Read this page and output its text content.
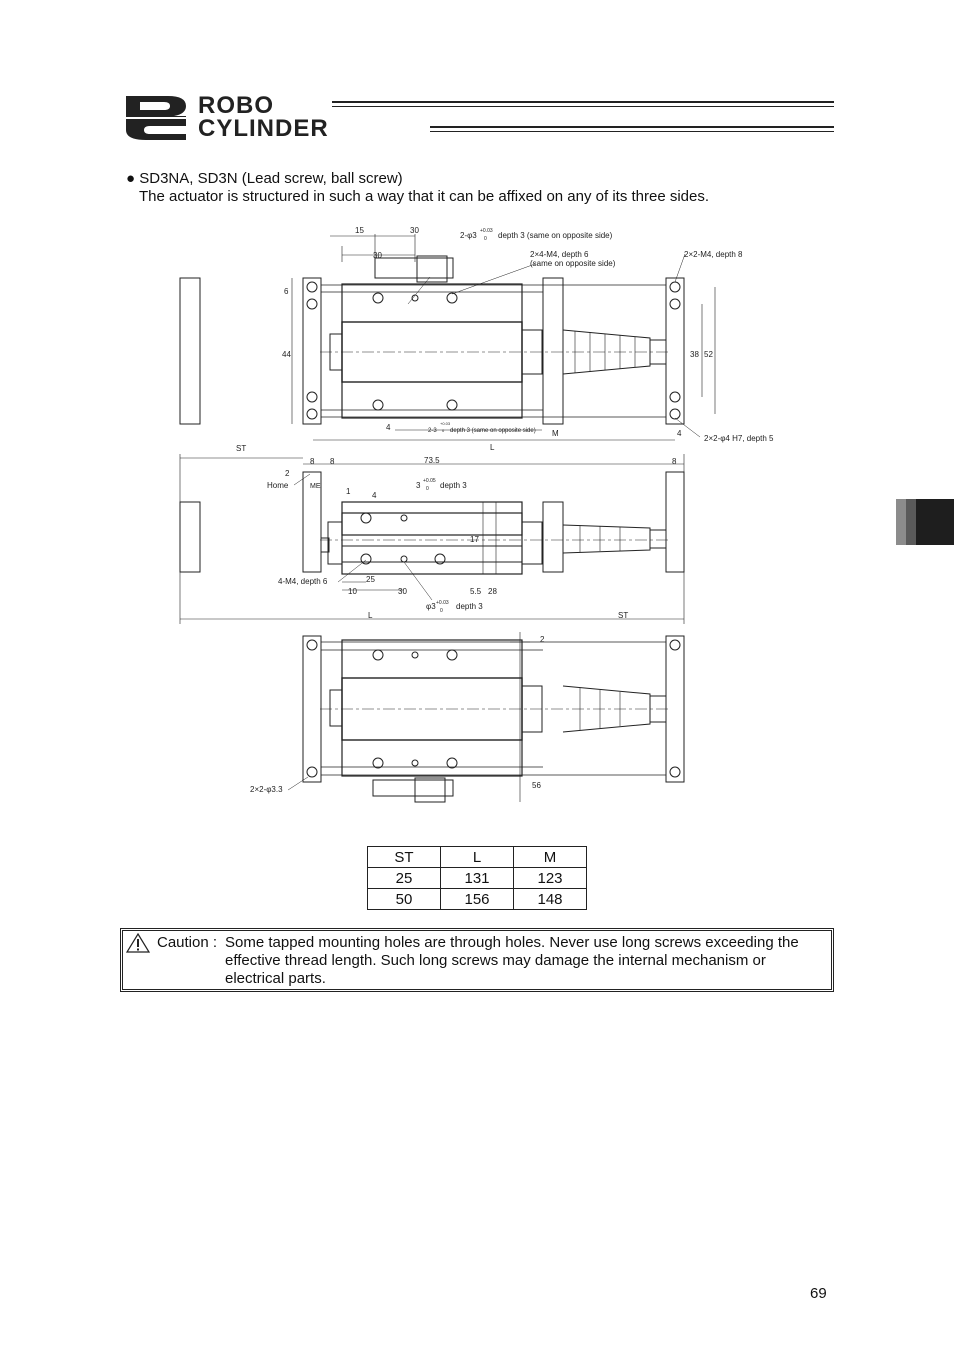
ROBO
CYLINDER
● SD3NA, SD3N (Lead screw, ball screw)
The actuator is structured in such a way that it can be affixed on any of its three sides.
15	30
30
2-φ3 +0.03
0 depth 3 (same on opposite side)
2×4-M4, depth 6
(same on opposite side)
2×2-M4, depth 8
6
44	38 52
4	2-3
+0.03
0 depth 3 (same on opposite side) M	4
L
2×2-φ4 H7, depth 5
ST
2
8 8	73.5	8
Home	ME
1	4
3 +0.05
0 depth 3
17
5.5 28
4-M4, depth 6	25
10	30
φ3 +0.03
0 depth 3
L	ST
2
56
2×2-φ3.3
ST	L	M
25	131	123
50	156	148
Caution : Some tapped mounting holes are through holes. Never use long screws exceeding the effective thread length. Such long screws may damage the internal mechanism or electrical parts.
69
